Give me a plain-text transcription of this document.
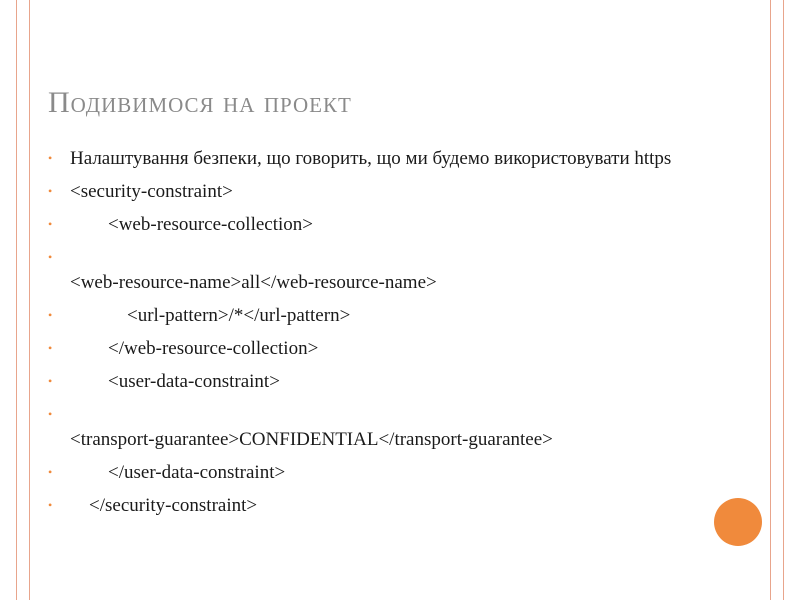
Подивимося на проект
• Налаштування безпеки, що говорить, що ми будемо використовувати https
• <security-constraint>
• <web-resource-collection>
•

<web-resource-name>all</web-resource-name>
• <url-pattern>/*</url-pattern>
• </web-resource-collection>
• <user-data-constraint>
•

<transport-guarantee>CONFIDENTIAL</transport-guarantee>
• </user-data-constraint>
• </security-constraint>
